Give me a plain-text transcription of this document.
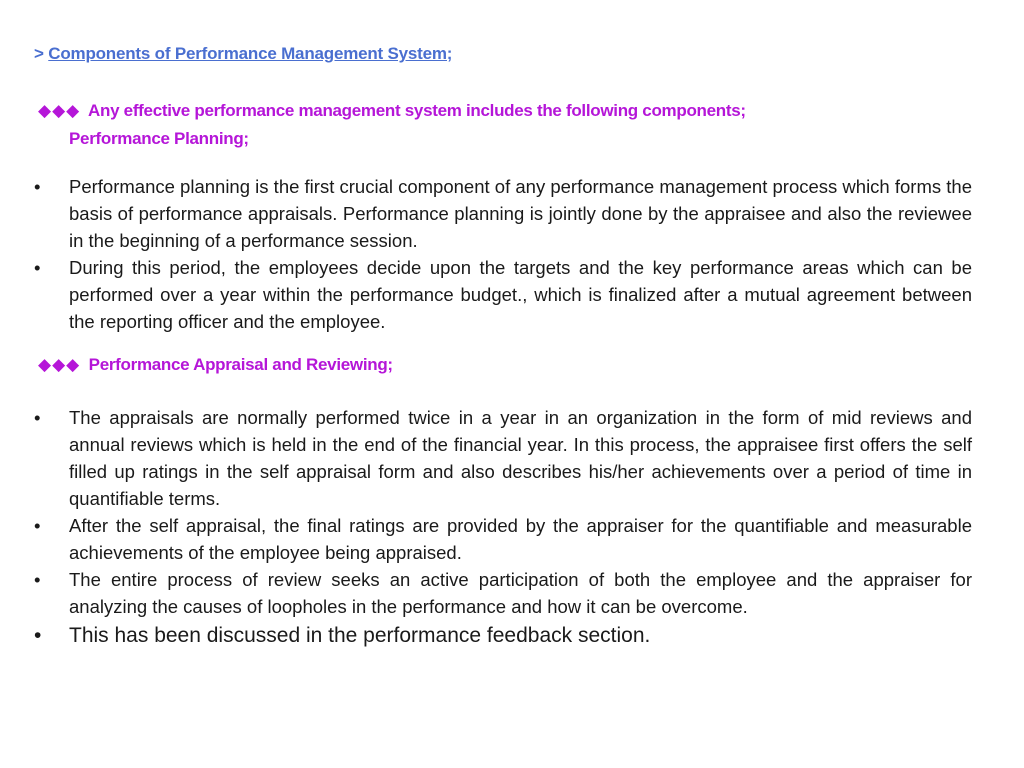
> Components of Performance Management System;
◆◆◆ Any effective performance management system includes the following components;
Performance Planning;
•	Performance planning is the first crucial component of any performance management process which forms the basis of performance appraisals. Performance planning is jointly done by the appraisee and also the reviewee in the beginning of a performance session.
•	During this period, the employees decide upon the targets and the key performance areas which can be performed over a year within the performance budget., which is finalized after a mutual agreement between the reporting officer and the employee.
◆◆◆ Performance Appraisal and Reviewing;
•	The appraisals are normally performed twice in a year in an organization in the form of mid reviews and annual reviews which is held in the end of the financial year. In this process, the appraisee first offers the self filled up ratings in the self appraisal form and also describes his/her achievements over a period of time in quantifiable terms.
•	After the self appraisal, the final ratings are provided by the appraiser for the quantifiable and measurable achievements of the employee being appraised.
•	The entire process of review seeks an active participation of both the employee and the appraiser for analyzing the causes of loopholes in the performance and how it can be overcome.
•	This has been discussed in the performance feedback section.
